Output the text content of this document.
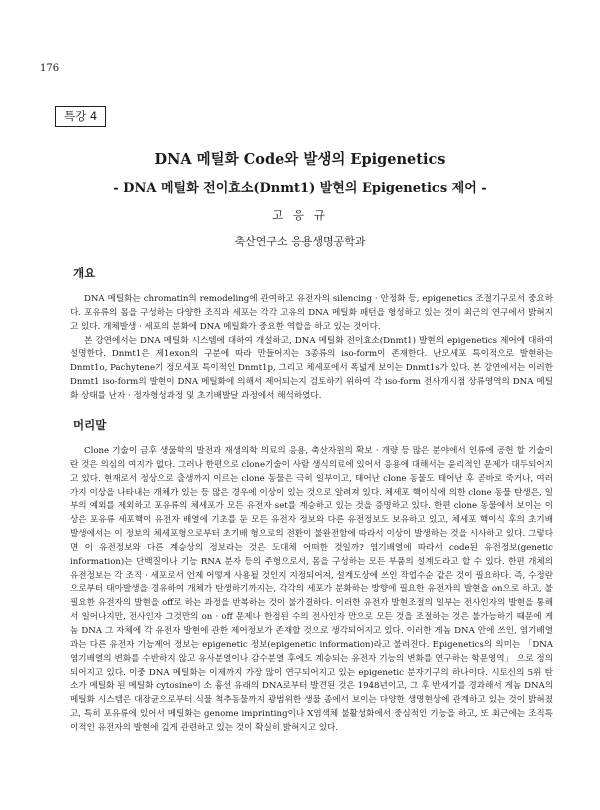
176
특강 4
DNA 메틸화 Code와 발생의 Epigenetics
- DNA 메틸화 전이효소(Dnmt1) 발현의 Epigenetics 제어 -
고 응 규
축산연구소 응용생명공학과
개요

DNA 메틸화는 chromatin의 remodeling에 관여하고 유전자의 silencing · 안정화 등, epigenetics 조절기구로서 중요하다. 포유류의 몸을 구성하는 다양한 조직과 세포는 각각 고유의 DNA 메틸화 패턴을 형성하고 있는 것이 최근의 연구에서 밝혀지고 있다. 개체발생 · 세포의 분화에 DNA 메틸화가 중요한 역할을 하고 있는 것이다.

본 강연에서는 DNA 메틸화 시스템에 대하여 개설하고, DNA 메틸화 전이효소(Dnmt1) 발현의 epigenetics 제어에 대하여 설명한다. Dnmt1은 제1exon의 구분에 따라 만들어지는 3종류의 iso-form이 존재한다. 난모세포 특이적으로 발현하는 Dnmt1o, Pachytene기 정모세포 특이적인 Dnmt1p, 그리고 체세포에서 폭넓게 보이는 Dnmt1s가 있다. 본 강연에서는 이러한 Dnmt1 iso-form의 발현이 DNA 메틸화에 의해서 제어되는지 검토하기 위하여 각 iso-form 전사개시점 상류영역의 DNA 메틸화 상태를 난자 · 정자형성과정 및 초기배발달 과정에서 해석하였다.

머리말

Clone 기술이 금후 생물학의 발전과 재생의학 의료의 응용, 축산자원의 확보 · 개량 등 많은 분야에서 인류에 공헌 할 기술이란 것은 의심의 여지가 없다. 그러나 한편으로 clone기술이 사람 생식의료에 있어서 응용에 대해서는 윤리적인 문제가 대두되어지고 있다. 현재로서 정상으로 출생까지 이르는 clone 동물은 극히 일부이고, 태어난 clone 동물도 태어난 후 곧바로 죽거나, 여러 가지 이상을 나타내는 개체가 있는 등 많은 경우에 이상이 있는 것으로 알려져 있다. 체세포 핵이식에 의한 clone 동물 탄생은, 일부의 예외를 제외하고 포유류의 체세포가 모든 유전자 set를 계승하고 있는 것을 증명하고 있다. 한편 clone 동물에서 보이는 이상은 포유류 세포핵이 유전자 배열에 기초를 둔 모든 유전자 정보와 다른 유전정보도 보유하고 있고, 체세포 핵이식 후의 초기배 발생에서는 이 정보의 체세포형으로부터 초기배 형으로의 전환이 불완전함에 따라서 이상이 발생하는 것을 시사하고 있다. 그렇다면 이 유전정보와 다른 계승상의 정보라는 것은 도대체 어떠한 것일까? 염기배열에 따라서 code된 유전정보(genetic information)는 단백질이나 기능 RNA 분자 등의 주형으로서, 몸을 구성하는 모든 부품의 설계도라고 할 수 있다. 한편 개체의 유전정보는 각 조직 · 세포로서 언제 어떻게 사용될 것인지 지정되어져, 설계도상에 쓰인 작업수순 같은 것이 필요하다. 즉, 수정란으로부터 태아발생을 경유하여 개체가 탄생하기까지는, 각각의 세포가 분화하는 방향에 필요한 유전자의 발현을 on으로 하고, 불필요한 유전자의 발현을 off로 하는 과정을 반복하는 것이 불가결하다. 이러한 유전자 발현조절의 일부는 전사인자의 발현을 통해서 일어나지만, 전사인자 그것만의 on · off 문제나 한정된 수의 전사인자 만으로 모든 것을 조절하는 것은 불가능하기 때문에 게놈 DNA 그 자체에 각 유전자 발현에 관한 제어정보가 존재할 것으로 생각되어지고 있다. 이러한 게놈 DNA 안에 쓰인, 염기배열과는 다른 유전자 기능제어 정보는 epigenetic 정보(epigenetic information)라고 불려진다. Epigenetics의 의미는 「DNA염기배열의 변화를 수반하지 않고 유사분열이나 감수분열 후에도 계승되는 유전자 기능의 변화를 연구하는 학문영역」 으로 정의되어지고 있다. 이중 DNA 메틸화는 이제까지 가장 많이 연구되어지고 있는 epigenetic 분자기구의 하나이다. 시토신의 5위 탄소가 메틸화 된 메틸화 cytosine이 소 흉선 유래의 DNA로부터 발견된 것은 1948년이고, 그 후 반세기를 경과해서 게놈 DNA의 메틸화 시스템은 대장균으로부터 식물 척추동물까지 광범위한 생물 종에서 보이는 다양한 생명현상에 관계하고 있는 것이 밝혀졌고, 특히 포유류에 있어서 메틸화는 genome imprinting이나 X염색체 불활성화에서 중심적인 기능을 하고, 또 최근에는 조직특이적인 유전자의 발현에 깊게 관련하고 있는 것이 확실히 밝혀지고 있다.
